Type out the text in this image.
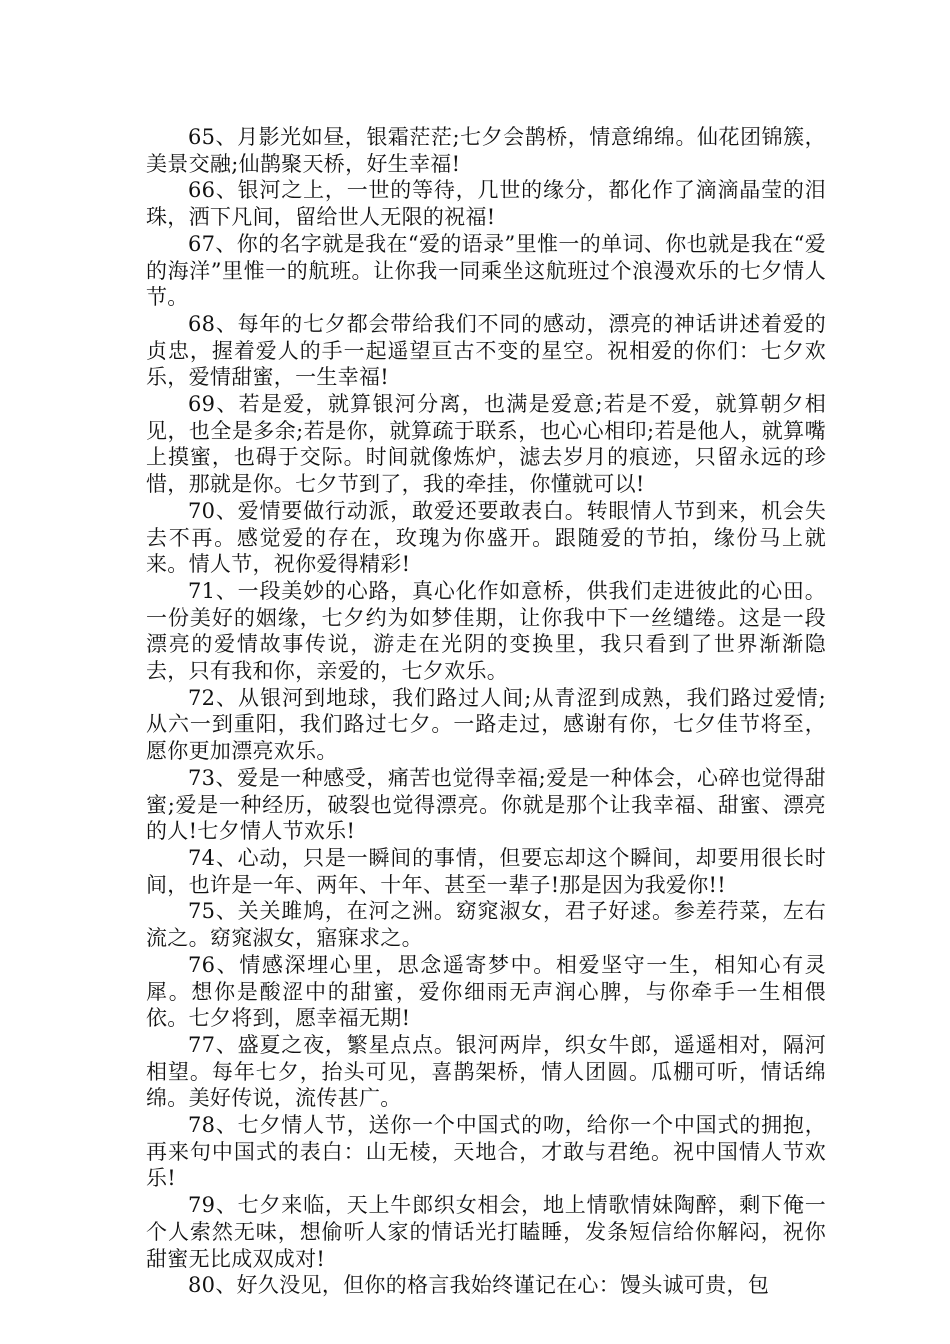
65、月影光如昼，银霜茫茫;七夕会鹊桥，情意绵绵。仙花团锦簇，美景交融;仙鹊聚天桥，好生幸福!

66、银河之上，一世的等待，几世的缘分，都化作了滴滴晶莹的泪珠，洒下凡间，留给世人无限的祝福!

67、你的名字就是我在“爱的语录”里惟一的单词、你也就是我在“爱的海洋”里惟一的航班。让你我一同乘坐这航班过个浪漫欢乐的七夕情人节。

68、每年的七夕都会带给我们不同的感动，漂亮的神话讲述着爱的贞忠，握着爱人的手一起遥望亘古不变的星空。祝相爱的你们：七夕欢乐，爱情甜蜜，一生幸福!

69、若是爱，就算银河分离，也满是爱意;若是不爱，就算朝夕相见，也全是多余;若是你，就算疏于联系，也心心相印;若是他人，就算嘴上摸蜜，也碍于交际。时间就像炼炉，滤去岁月的痕迹，只留永远的珍惜，那就是你。七夕节到了，我的牵挂，你懂就可以!

70、爱情要做行动派，敢爱还要敢表白。转眼情人节到来，机会失去不再。感觉爱的存在，玫瑰为你盛开。跟随爱的节拍，缘份马上就来。情人节，祝你爱得精彩!

71、一段美妙的心路，真心化作如意桥，供我们走进彼此的心田。一份美好的姻缘，七夕约为如梦佳期，让你我中下一丝缱绻。这是一段漂亮的爱情故事传说，游走在光阴的变换里，我只看到了世界渐渐隐去，只有我和你，亲爱的，七夕欢乐。

72、从银河到地球，我们路过人间;从青涩到成熟，我们路过爱情;从六一到重阳，我们路过七夕。一路走过，感谢有你，七夕佳节将至，愿你更加漂亮欢乐。

73、爱是一种感受，痛苦也觉得幸福;爱是一种体会，心碎也觉得甜蜜;爱是一种经历，破裂也觉得漂亮。你就是那个让我幸福、甜蜜、漂亮的人!七夕情人节欢乐!

74、心动，只是一瞬间的事情，但要忘却这个瞬间，却要用很长时间，也许是一年、两年、十年、甚至一辈子!那是因为我爱你!!

75、关关雎鸠，在河之洲。窈窕淑女，君子好逑。参差荇菜，左右流之。窈窕淑女，寤寐求之。

76、情感深埋心里，思念遥寄梦中。相爱坚守一生，相知心有灵犀。想你是酸涩中的甜蜜，爱你细雨无声润心脾，与你牵手一生相偎依。七夕将到，愿幸福无期!

77、盛夏之夜，繁星点点。银河两岸，织女牛郎，遥遥相对，隔河相望。每年七夕，抬头可见，喜鹊架桥，情人团圆。瓜棚可听，情话绵绵。美好传说，流传甚广。

78、七夕情人节，送你一个中国式的吻，给你一个中国式的拥抱，再来句中国式的表白：山无棱，天地合，才敢与君绝。祝中国情人节欢乐!

79、七夕来临，天上牛郎织女相会，地上情歌情妹陶醉，剩下俺一个人索然无味，想偷听人家的情话光打瞌睡，发条短信给你解闷，祝你甜蜜无比成双成对!

80、好久没见，但你的格言我始终谨记在心：馒头诚可贵，包
